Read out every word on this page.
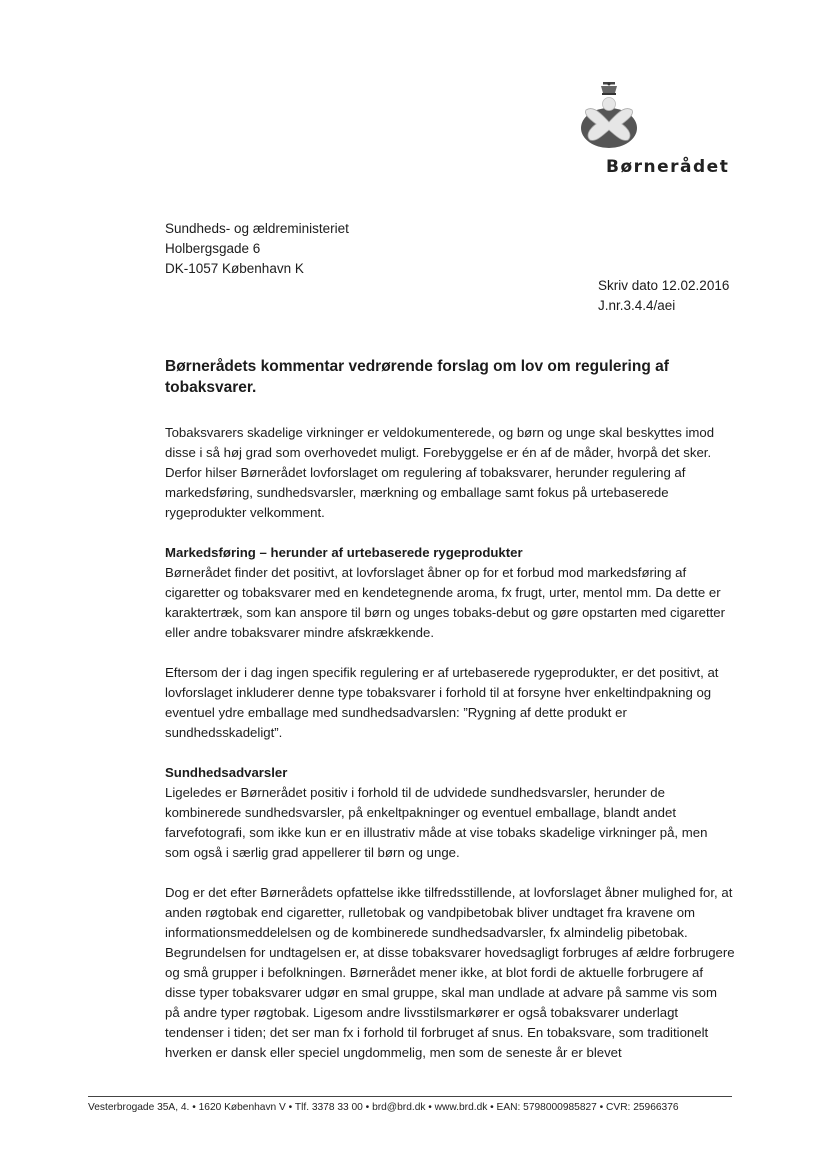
Børnerådet
Sundheds- og ældreministeriet
Holbergsgade 6
DK-1057 København K
Skriv dato 12.02.2016
J.nr.3.4.4/aei
Børnerådets kommentar vedrørende forslag om lov om regulering af tobaksvarer.

Tobaksvarers skadelige virkninger er veldokumenterede, og børn og unge skal beskyttes imod disse i så høj grad som overhovedet muligt. Forebyggelse er én af de måder, hvorpå det sker. Derfor hilser Børnerådet lovforslaget om regulering af tobaksvarer, herunder regulering af markedsføring, sundhedsvarsler, mærkning og emballage samt fokus på urtebaserede rygeprodukter velkomment.

Markedsføring – herunder af urtebaserede rygeprodukter

Børnerådet finder det positivt, at lovforslaget åbner op for et forbud mod markedsføring af cigaretter og tobaksvarer med en kendetegnende aroma, fx frugt, urter, mentol mm. Da dette er karaktertræk, som kan anspore til børn og unges tobaks-debut og gøre opstarten med cigaretter eller andre tobaksvarer mindre afskrækkende.

Eftersom der i dag ingen specifik regulering er af urtebaserede rygeprodukter, er det positivt, at lovforslaget inkluderer denne type tobaksvarer i forhold til at forsyne hver enkeltindpakning og eventuel ydre emballage med sundhedsadvarslen: ”Rygning af dette produkt er sundhedsskadeligt”.

Sundhedsadvarsler

Ligeledes er Børnerådet positiv i forhold til de udvidede sundhedsvarsler, herunder de kombinerede sundhedsvarsler, på enkeltpakninger og eventuel emballage, blandt andet farvefotografi, som ikke kun er en illustrativ måde at vise tobaks skadelige virkninger på, men som også i særlig grad appellerer til børn og unge.

Dog er det efter Børnerådets opfattelse ikke tilfredsstillende, at lovforslaget åbner mulighed for, at anden røgtobak end cigaretter, rulletobak og vandpibetobak bliver undtaget fra kravene om informationsmeddelelsen og de kombinerede sundhedsadvarsler, fx almindelig pibetobak. Begrundelsen for undtagelsen er, at disse tobaksvarer hovedsagligt forbruges af ældre forbrugere og små grupper i befolkningen. Børnerådet mener ikke, at blot fordi de aktuelle forbrugere af disse typer tobaksvarer udgør en smal gruppe, skal man undlade at advare på samme vis som på andre typer røgtobak. Ligesom andre livsstilsmarkører er også tobaksvarer underlagt tendenser i tiden; det ser man fx i forhold til forbruget af snus. En tobaksvare, som traditionelt hverken er dansk eller speciel ungdommelig, men som de seneste år er blevet

Vesterbrogade 35A, 4. • 1620 København V • Tlf. 3378 33 00 • brd@brd.dk • www.brd.dk • EAN: 5798000985827 • CVR: 25966376
